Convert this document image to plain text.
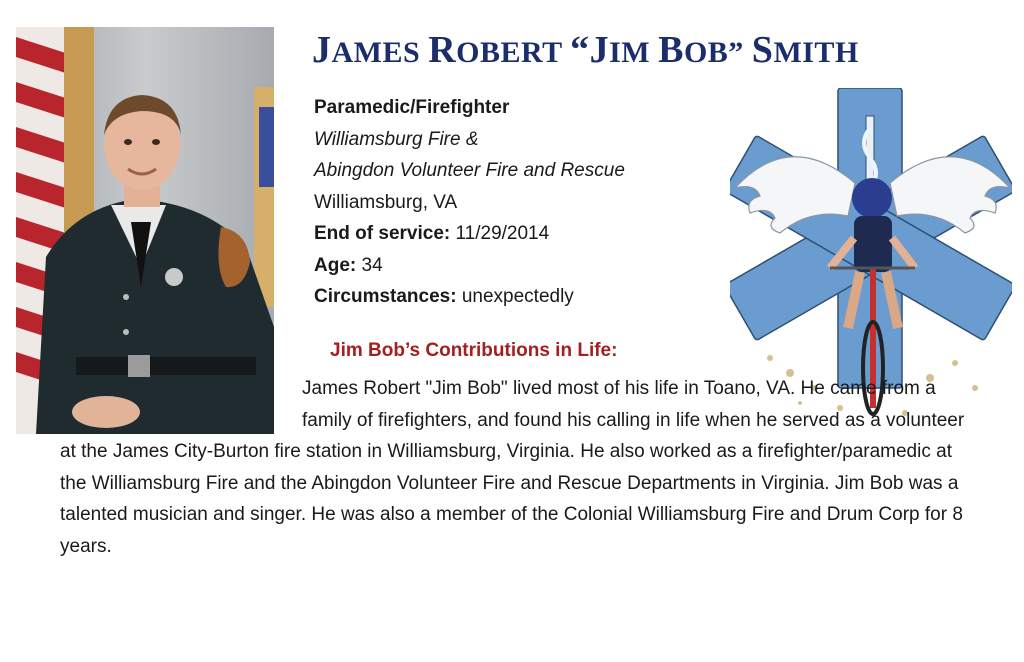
JAMES ROBERT “JIM BOB” SMITH
Paramedic/Firefighter
Williamsburg Fire &
Abingdon Volunteer Fire and Rescue
Williamsburg, VA
End of service: 11/29/2014
Age: 34
Circumstances: unexpectedly
Jim Bob’s Contributions in Life:

James Robert "Jim Bob" lived most of his life in Toano, VA. He came from a family of firefighters, and found his calling in life when he served as a volunteer at the James City-Burton fire station in Williamsburg, Virginia. He also worked as a firefighter/paramedic at the Williamsburg Fire and the Abingdon Volunteer Fire and Rescue Departments in Virginia. Jim Bob was a talented musician and singer. He was also a member of the Colonial Williamsburg Fire and Drum Corp for 8 years.
